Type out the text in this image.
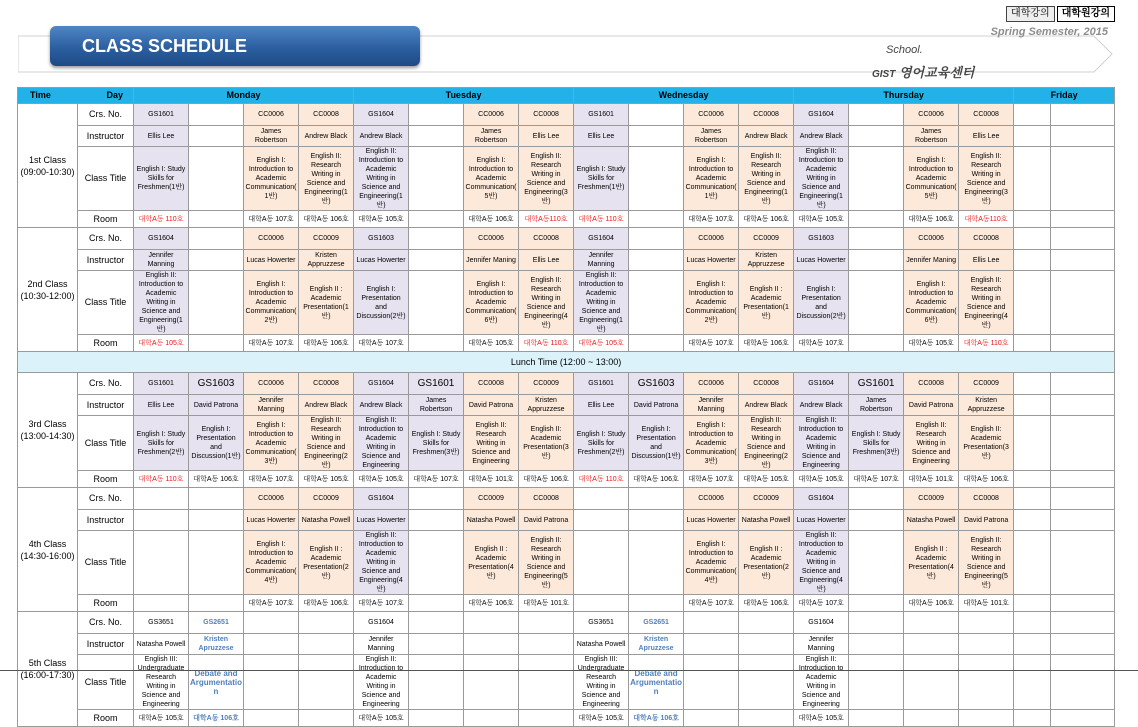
대학강의	대학원강의
CLASS SCHEDULE
Spring Semester, 2015
School.
GIST 영어교육센터
Time Day		Monday				Tuesday				Wednesday				Thursday				Friday	

1st Class
(09:00-10:30)	Crs. No.	GS1601		CC0006	CC0008	GS1604		CC0006	CC0008	GS1601		CC0006	CC0008	GS1604		CC0006	CC0008		
	Instructor	Ellis Lee		James Robertson	Andrew Black	Andrew Black		James Robertson	Ellis Lee	Ellis Lee		James Robertson	Andrew Black	Andrew Black		James Robertson	Ellis Lee		
	Class Title	English I: Study Skills for Freshmen(1반)		English I: Introduction to Academic Communication(1반)	English II: Research Writing in Science and Engineering(1반)	English II: Introduction to Academic Writing in Science and Engineering(1반)		English I: Introduction to Academic Communication(5반)	English II: Research Writing in Science and Engineering(3반)	English I: Study Skills for Freshmen(1반)		English I: Introduction to Academic Communication(1반)	English II: Research Writing in Science and Engineering(1반)	English II: Introduction to Academic Writing in Science and Engineering(1반)		English I: Introduction to Academic Communication(5반)	English II: Research Writing in Science and Engineering(3반)		
	Room	대학A동 110호		대학A동 107호	대학A동 106호	대학A동 105호		대학A동 106호	대학A동110호	대학A동 110호		대학A동 107호	대학A동 106호	대학A동 105호		대학A동 106호	대학A동110호		

2nd Class
(10:30-12:00)	Crs. No.	GS1604		CC0006	CC0009	GS1603		CC0006	CC0008	GS1604		CC0006	CC0009	GS1603		CC0006	CC0008		
	Instructor	Jennifer Manning		Lucas Howerter	Kristen Appruzzese	Lucas Howerter		Jennifer Maning	Ellis Lee	Jennifer Manning		Lucas Howerter	Kristen Appruzzese	Lucas Howerter		Jennifer Maning	Ellis Lee		
	Class Title	English II: Introduction to Academic Writing in Science and Engineering(1반)		English I: Introduction to Academic Communication(2반)	English II : Academic Presentation(1반)	English I: Presentation and Discussion(2반)		English I: Introduction to Academic Communication(6반)	English II: Research Writing in Science and Engineering(4반)	English II: Introduction to Academic Writing in Science and Engineering(1반)		English I: Introduction to Academic Communication(2반)	English II : Academic Presentation(1반)	English I: Presentation and Discussion(2반)		English I: Introduction to Academic Communication(6반)	English II: Research Writing in Science and Engineering(4반)		
	Room	대학A동 105호		대학A동 107호	대학A동 106호	대학A동 107호		대학A동 105호	대학A동 110호	대학A동 105호		대학A동 107호	대학A동 106호	대학A동 107호		대학A동 105호	대학A동 110호		
Lunch Time (12:00 ~ 13:00)																			

3rd Class
(13:00-14:30)	Crs. No.	GS1601	GS1603	CC0006	CC0008	GS1604	GS1601	CC0008	CC0009	GS1601	GS1603	CC0006	CC0008	GS1604	GS1601	CC0008	CC0009		
	Instructor	Ellis Lee	David Patrona	Jennifer Manning	Andrew Black	Andrew Black	James Robertson	David Patrona	Kristen Appruzzese	Ellis Lee	David Patrona	Jennifer Manning	Andrew Black	Andrew Black	James Robertson	David Patrona	Kristen Appruzzese		
	Class Title	English I: Study Skills for Freshmen(2반)	English I: Presentation and Discussion(1반)	English I: Introduction to Academic Communication(3반)	English II: Research Writing in Science and Engineering(2반)	English II: Introduction to Academic Writing in Science and Engineering	English I: Study Skills for Freshmen(3반)	English II: Research Writing in Science and Engineering	English II: Academic Presentation(3반)	English I: Study Skills for Freshmen(2반)	English I: Presentation and Discussion(1반)	English I: Introduction to Academic Communication(3반)	English II: Research Writing in Science and Engineering(2반)	English II: Introduction to Academic Writing in Science and Engineering	English I: Study Skills for Freshmen(3반)	English II: Research Writing in Science and Engineering	English II: Academic Presentation(3반)		
	Room	대학A동 110호	대학A동 106호	대학A동 107호	대학A동 105호	대학A동 105호	대학A동 107호	대학A동 101호	대학A동 106호	대학A동 110호	대학A동 106호	대학A동 107호	대학A동 105호	대학A동 105호	대학A동 107호	대학A동 101호	대학A동 106호		

4th Class
(14:30-16:00)	Crs. No.			CC0006	CC0009	GS1604		CC0009	CC0008			CC0006	CC0009	GS1604		CC0009	CC0008		
	Instructor			Lucas Howerter	Natasha Powell	Lucas Howerter		Natasha Powell	David Patrona			Lucas Howerter	Natasha Powell	Lucas Howerter		Natasha Powell	David Patrona		
	Class Title			English I: Introduction to Academic Communication(4반)	English II : Academic Presentation(2반)	English II: Introduction to Academic Writing in Science and Engineering(4반)		English II : Academic Presentation(4반)	English II: Research Writing in Science and Engineering(5반)			English I: Introduction to Academic Communication(4반)	English II : Academic Presentation(2반)	English II: Introduction to Academic Writing in Science and Engineering(4반)		English II : Academic Presentation(4반)	English II: Research Writing in Science and Engineering(5반)		
	Room			대학A동 107호	대학A동 106호	대학A동 107호		대학A동 106호	대학A동 101호			대학A동 107호	대학A동 106호	대학A동 107호		대학A동 106호	대학A동 101호		

5th Class
(16:00-17:30)	Crs. No.	GS3651	GS2651			GS1604				GS3651	GS2651			GS1604					
	Instructor	Natasha Powell	Kristen Apruzzese			Jennifer Manning				Natasha Powell	Kristen Apruzzese			Jennifer Manning					
	Class Title	English III: Undergraduate Research Writing in Science and Engineering	Debate and Argumentation			English II: Introduction to Academic Writing in Science and Engineering				English III: Undergraduate Research Writing in Science and Engineering	Debate and Argumentation			English II: Introduction to Academic Writing in Science and Engineering					
	Room	대학A동 105호	대학A동 106호			대학A동 105호				대학A동 105호	대학A동 106호			대학A동 105호					
